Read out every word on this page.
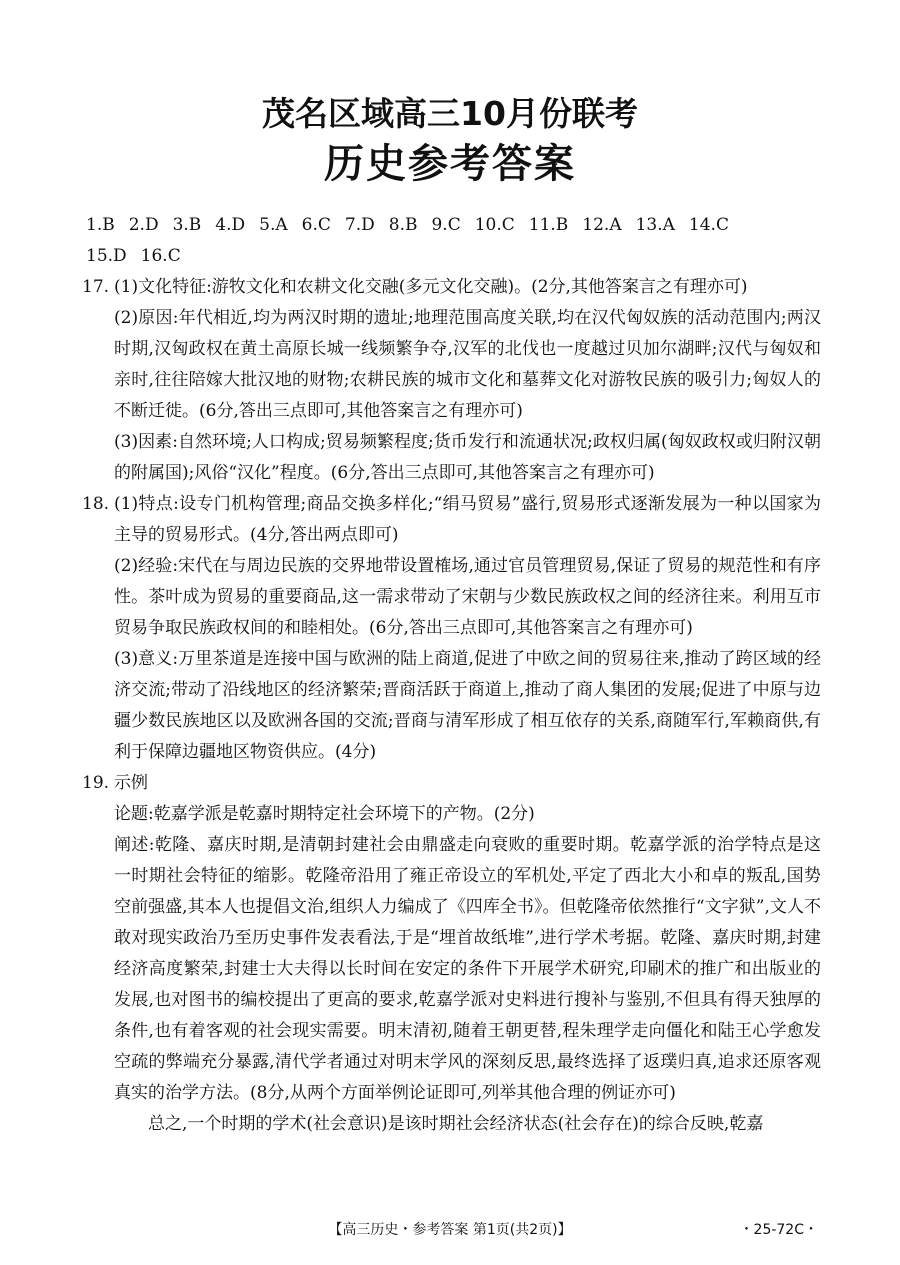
茂名区域高三10月份联考
历史参考答案
1.B 2.D 3.B 4.D 5.A 6.C 7.D 8.B 9.C 10.C 11.B 12.A 13.A 14.C
15.D 16.C
17. (1)文化特征:游牧文化和农耕文化交融(多元文化交融)。(2分,其他答案言之有理亦可)
(2)原因:年代相近,均为两汉时期的遗址;地理范围高度关联,均在汉代匈奴族的活动范围内;两汉时期,汉匈政权在黄土高原长城一线频繁争夺,汉军的北伐也一度越过贝加尔湖畔;汉代与匈奴和亲时,往往陪嫁大批汉地的财物;农耕民族的城市文化和墓葬文化对游牧民族的吸引力;匈奴人的不断迁徙。(6分,答出三点即可,其他答案言之有理亦可)
(3)因素:自然环境;人口构成;贸易频繁程度;货币发行和流通状况;政权归属(匈奴政权或归附汉朝的附属国);风俗“汉化”程度。(6分,答出三点即可,其他答案言之有理亦可)
18. (1)特点:设专门机构管理;商品交换多样化;“绢马贸易”盛行,贸易形式逐渐发展为一种以国家为主导的贸易形式。(4分,答出两点即可)
(2)经验:宋代在与周边民族的交界地带设置榷场,通过官员管理贸易,保证了贸易的规范性和有序性。茶叶成为贸易的重要商品,这一需求带动了宋朝与少数民族政权之间的经济往来。利用互市贸易争取民族政权间的和睦相处。(6分,答出三点即可,其他答案言之有理亦可)
(3)意义:万里茶道是连接中国与欧洲的陆上商道,促进了中欧之间的贸易往来,推动了跨区域的经济交流;带动了沿线地区的经济繁荣;晋商活跃于商道上,推动了商人集团的发展;促进了中原与边疆少数民族地区以及欧洲各国的交流;晋商与清军形成了相互依存的关系,商随军行,军赖商供,有利于保障边疆地区物资供应。(4分)
19. 示例
论题:乾嘉学派是乾嘉时期特定社会环境下的产物。(2分)
阐述:乾隆、嘉庆时期,是清朝封建社会由鼎盛走向衰败的重要时期。乾嘉学派的治学特点是这一时期社会特征的缩影。乾隆帝沿用了雍正帝设立的军机处,平定了西北大小和卓的叛乱,国势空前强盛,其本人也提倡文治,组织人力编成了《四库全书》。但乾隆帝依然推行“文字狱”,文人不敢对现实政治乃至历史事件发表看法,于是“埋首故纸堆”,进行学术考据。乾隆、嘉庆时期,封建经济高度繁荣,封建士大夫得以长时间在安定的条件下开展学术研究,印刷术的推广和出版业的发展,也对图书的编校提出了更高的要求,乾嘉学派对史料进行搜补与鉴别,不但具有得天独厚的条件,也有着客观的社会现实需要。明末清初,随着王朝更替,程朱理学走向僵化和陆王心学愈发空疏的弊端充分暴露,清代学者通过对明末学风的深刻反思,最终选择了返璞归真,追求还原客观真实的治学方法。(8分,从两个方面举例论证即可,列举其他合理的例证亦可)
总之,一个时期的学术(社会意识)是该时期社会经济状态(社会存在)的综合反映,乾嘉
【高三历史・参考答案 第1页(共2页)】	・25-72C・
